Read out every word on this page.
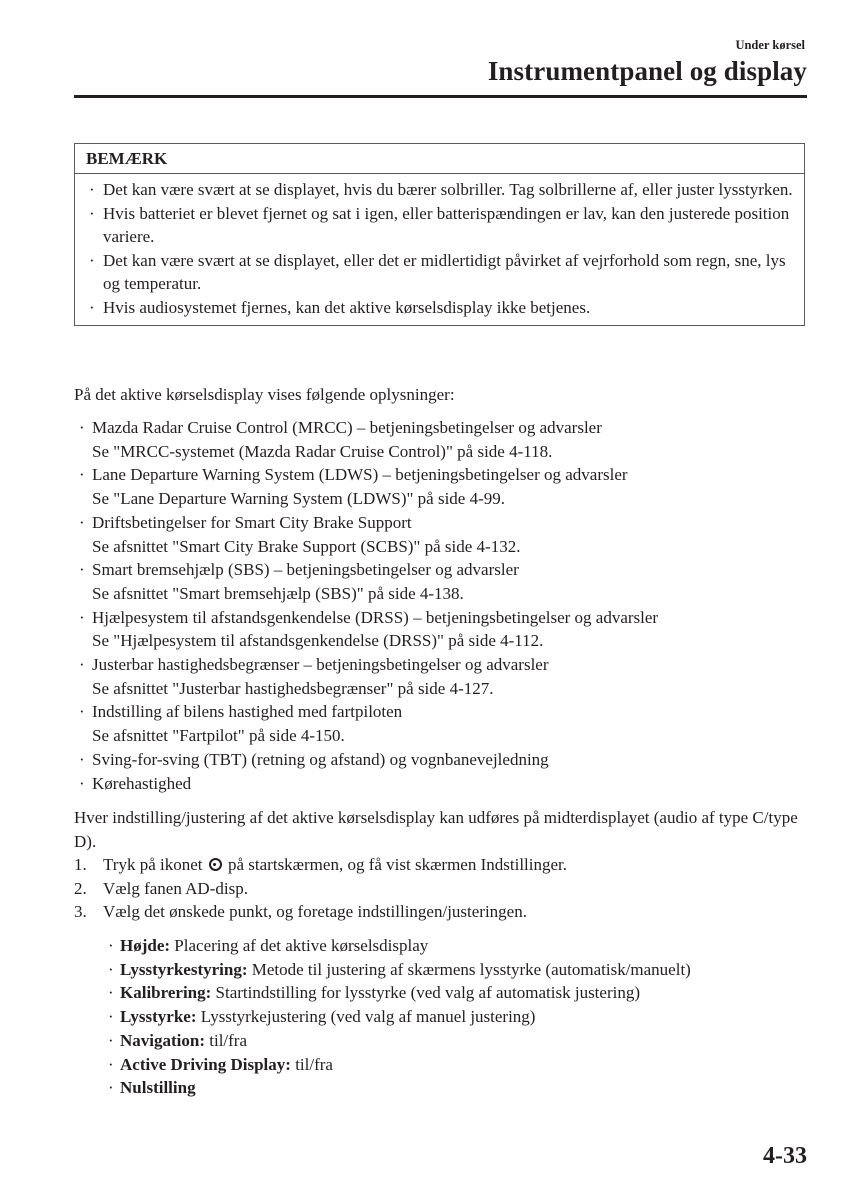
Under kørsel
Instrumentpanel og display
BEMÆRK
· Det kan være svært at se displayet, hvis du bærer solbriller. Tag solbrillerne af, eller juster lysstyrken.
· Hvis batteriet er blevet fjernet og sat i igen, eller batterispændingen er lav, kan den justerede position variere.
· Det kan være svært at se displayet, eller det er midlertidigt påvirket af vejrforhold som regn, sne, lys og temperatur.
· Hvis audiosystemet fjernes, kan det aktive kørselsdisplay ikke betjenes.
På det aktive kørselsdisplay vises følgende oplysninger:
· Mazda Radar Cruise Control (MRCC) – betjeningsbetingelser og advarsler
Se "MRCC-systemet (Mazda Radar Cruise Control)" på side 4-118.
· Lane Departure Warning System (LDWS) – betjeningsbetingelser og advarsler
Se "Lane Departure Warning System (LDWS)" på side 4-99.
· Driftsbetingelser for Smart City Brake Support
Se afsnittet "Smart City Brake Support (SCBS)" på side 4-132.
· Smart bremsehjælp (SBS) – betjeningsbetingelser og advarsler
Se afsnittet "Smart bremsehjælp (SBS)" på side 4-138.
· Hjælpesystem til afstandsgenkendelse (DRSS) – betjeningsbetingelser og advarsler
Se "Hjælpesystem til afstandsgenkendelse (DRSS)" på side 4-112.
· Justerbar hastighedsbegrænser – betjeningsbetingelser og advarsler
Se afsnittet "Justerbar hastighedsbegrænser" på side 4-127.
· Indstilling af bilens hastighed med fartpiloten
Se afsnittet "Fartpilot" på side 4-150.
· Sving-for-sving (TBT) (retning og afstand) og vognbanevejledning
· Kørehastighed
Hver indstilling/justering af det aktive kørselsdisplay kan udføres på midterdisplayet (audio af type C/type D).
1. Tryk på ikonet på startskærmen, og få vist skærmen Indstillinger.
2. Vælg fanen AD-disp.
3. Vælg det ønskede punkt, og foretage indstillingen/justeringen.
· Højde: Placering af det aktive kørselsdisplay
· Lysstyrkestyring: Metode til justering af skærmens lysstyrke (automatisk/manuelt)
· Kalibrering: Startindstilling for lysstyrke (ved valg af automatisk justering)
· Lysstyrke: Lysstyrkejustering (ved valg af manuel justering)
· Navigation: til/fra
· Active Driving Display: til/fra
· Nulstilling
4-33
